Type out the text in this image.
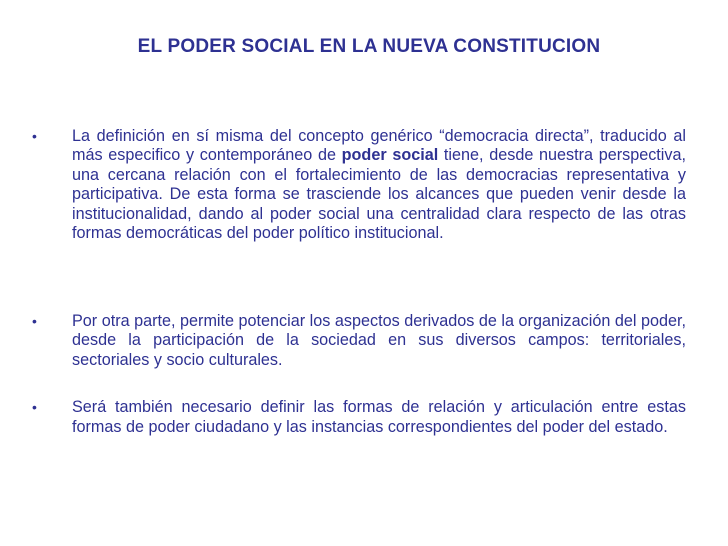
EL PODER SOCIAL EN LA NUEVA CONSTITUCION
• La definición en sí misma del concepto genérico “democracia directa”, traducido al más especifico y contemporáneo de poder social tiene, desde nuestra perspectiva, una cercana relación con el fortalecimiento de las democracias representativa y participativa. De esta forma se trasciende los alcances que pueden venir desde la institucionalidad, dando al poder social una centralidad clara respecto de las otras formas democráticas del poder político institucional.
• Por otra parte, permite potenciar los aspectos derivados de la organización del poder, desde la participación de la sociedad en sus diversos campos: territoriales, sectoriales y socio culturales.
• Será también necesario definir las formas de relación y articulación entre estas formas de poder ciudadano y las instancias correspondientes del poder del estado.
